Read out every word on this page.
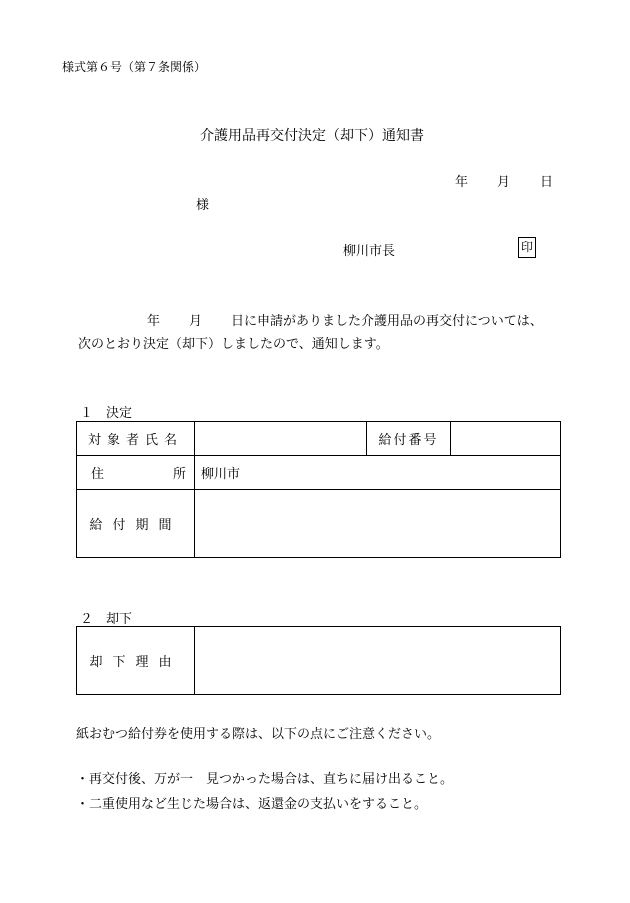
様式第６号（第７条関係）
介護用品再交付決定（却下）通知書
年 月 日
様
柳川市長	印
年 月 日に申請がありました介護用品の再交付については、
次のとおり決定（却下）しましたので、通知します。
１　決定
対象者氏名		給付番号	

住 所	柳川市		
給付期間			
２　却下
却下理由	
紙おむつ給付券を使用する際は、以下の点にご注意ください。
・再交付後、万が一　見つかった場合は、直ちに届け出ること。
・二重使用など生じた場合は、返還金の支払いをすること。
